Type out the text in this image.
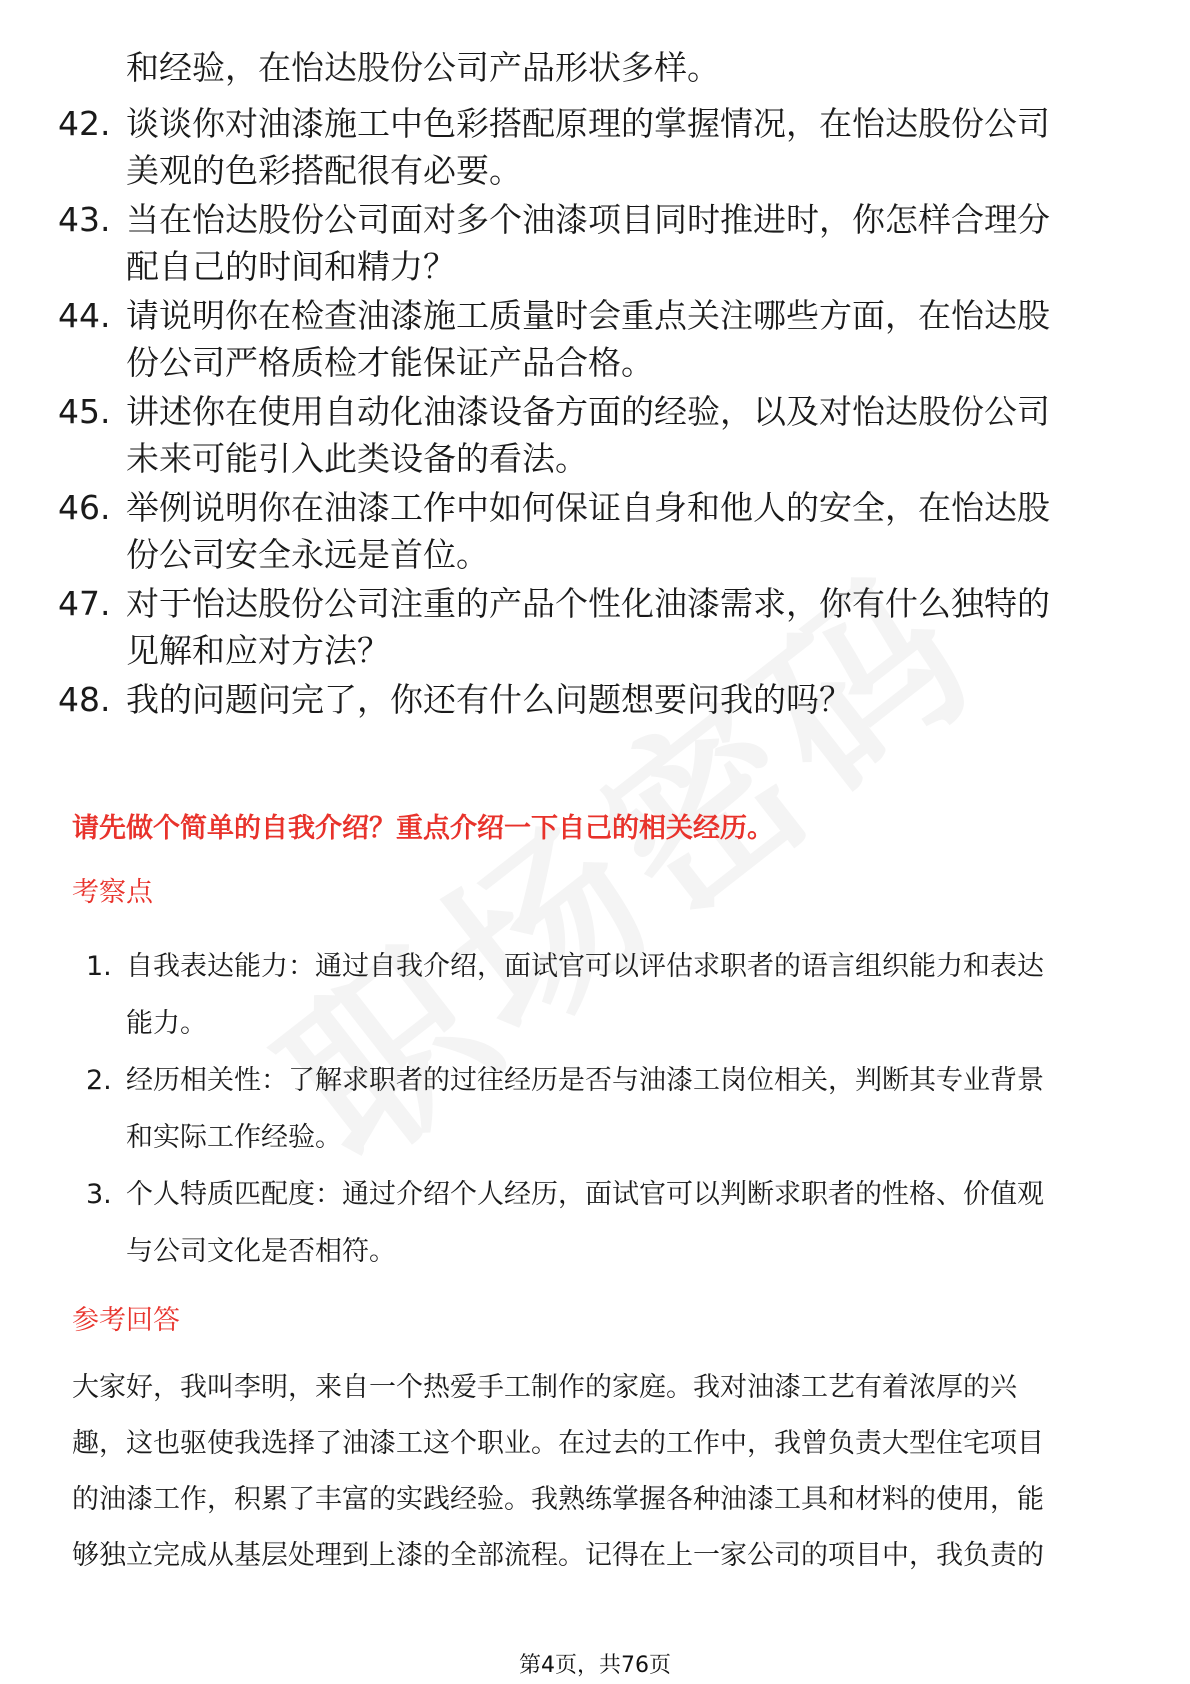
和经验，在怡达股份公司产品形状多样。
42. 谈谈你对油漆施工中色彩搭配原理的掌握情况，在怡达股份公司
美观的色彩搭配很有必要。
43. 当在怡达股份公司面对多个油漆项目同时推进时，你怎样合理分
配自己的时间和精力？
44. 请说明你在检查油漆施工质量时会重点关注哪些方面，在怡达股
份公司严格质检才能保证产品合格。
45. 讲述你在使用自动化油漆设备方面的经验，以及对怡达股份公司
未来可能引入此类设备的看法。
46. 举例说明你在油漆工作中如何保证自身和他人的安全，在怡达股
份公司安全永远是首位。
47. 对于怡达股份公司注重的产品个性化油漆需求，你有什么独特的
见解和应对方法？
48. 我的问题问完了，你还有什么问题想要问我的吗？
请先做个简单的自我介绍？重点介绍一下自己的相关经历。
考察点
1. 自我表达能力：通过自我介绍，面试官可以评估求职者的语言组织能力和表达
能力。
2. 经历相关性：了解求职者的过往经历是否与油漆工岗位相关，判断其专业背景
和实际工作经验。
3. 个人特质匹配度：通过介绍个人经历，面试官可以判断求职者的性格、价值观
与公司文化是否相符。
参考回答
大家好，我叫李明，来自一个热爱手工制作的家庭。我对油漆工艺有着浓厚的兴
趣，这也驱使我选择了油漆工这个职业。在过去的工作中，我曾负责大型住宅项目
的油漆工作，积累了丰富的实践经验。我熟练掌握各种油漆工具和材料的使用，能
够独立完成从基层处理到上漆的全部流程。记得在上一家公司的项目中，我负责的
第4页，共76页
